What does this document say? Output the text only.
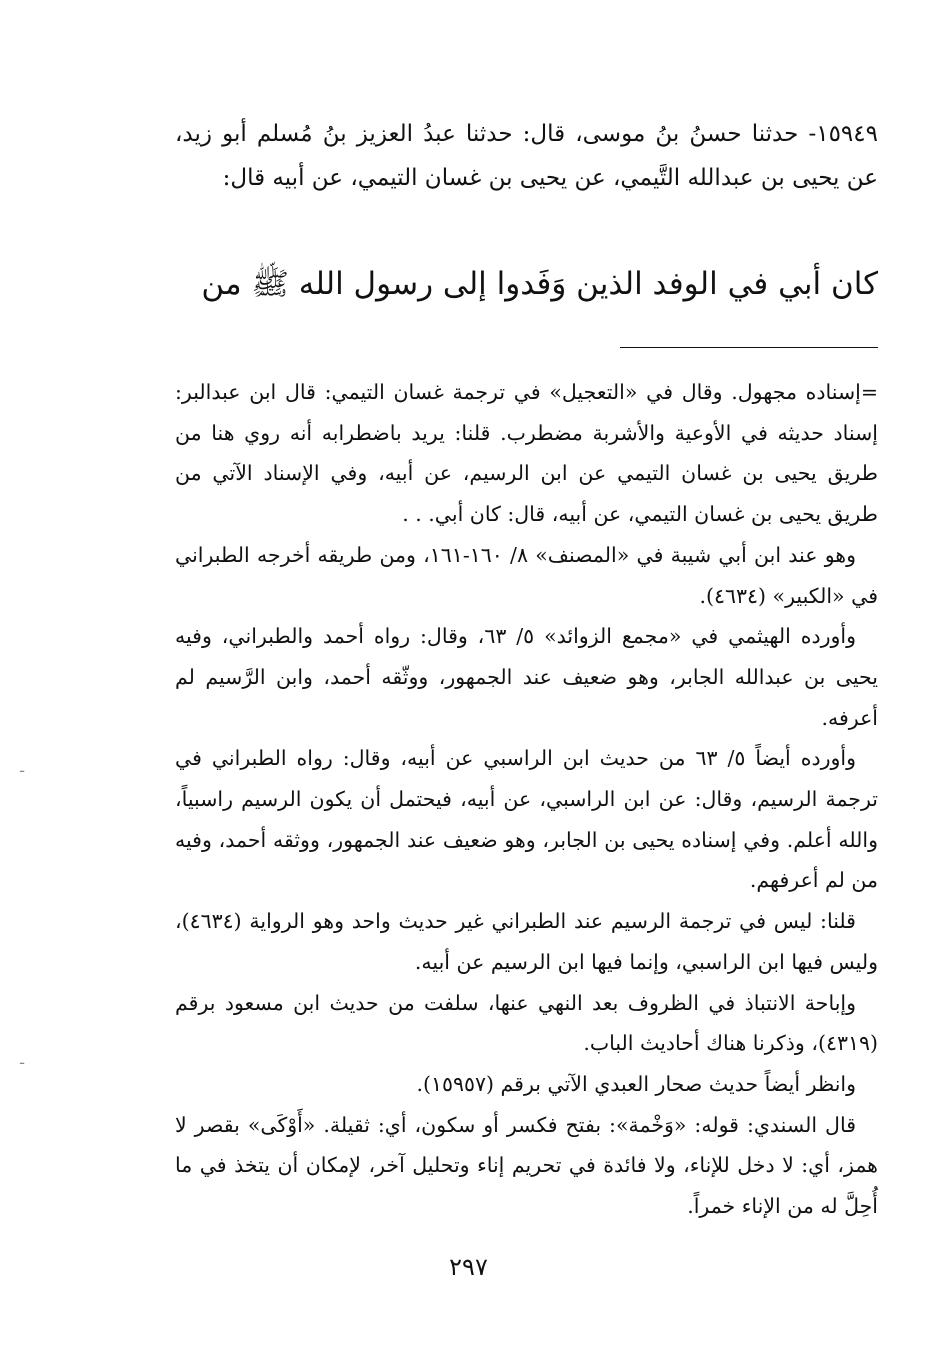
١٥٩٤٩- حدثنا حسنُ بنُ موسى، قال: حدثنا عبدُ العزيز بنُ مُسلم أبو زيد، عن يحيى بن عبدالله التَّيمي، عن يحيى بن غسان التيمي، عن أبيه قال:

كان أبي في الوفد الذين وَفَدوا إلى رسول الله ﷺ من

=إسناده مجهول. وقال في «التعجيل» في ترجمة غسان التيمي: قال ابن عبدالبر: إسناد حديثه في الأوعية والأشربة مضطرب. قلنا: يريد باضطرابه أنه روي هنا من طريق يحيى بن غسان التيمي عن ابن الرسيم، عن أبيه، وفي الإسناد الآتي من طريق يحيى بن غسان التيمي، عن أبيه، قال: كان أبي. . .

وهو عند ابن أبي شيبة في «المصنف» ٨/ ١٦٠-١٦١، ومن طريقه أخرجه الطبراني في «الكبير» (٤٦٣٤).

وأورده الهيثمي في «مجمع الزوائد» ٥/ ٦٣، وقال: رواه أحمد والطبراني، وفيه يحيى بن عبدالله الجابر، وهو ضعيف عند الجمهور، ووثّقه أحمد، وابن الرَّسيم لم أعرفه.

وأورده أيضاً ٥/ ٦٣ من حديث ابن الراسبي عن أبيه، وقال: رواه الطبراني في ترجمة الرسيم، وقال: عن ابن الراسبي، عن أبيه، فيحتمل أن يكون الرسيم راسبياً، والله أعلم. وفي إسناده يحيى بن الجابر، وهو ضعيف عند الجمهور، ووثقه أحمد، وفيه من لم أعرفهم.

قلنا: ليس في ترجمة الرسيم عند الطبراني غير حديث واحد وهو الرواية (٤٦٣٤)، وليس فيها ابن الراسبي، وإنما فيها ابن الرسيم عن أبيه.

وإباحة الانتباذ في الظروف بعد النهي عنها، سلفت من حديث ابن مسعود برقم (٤٣١٩)، وذكرنا هناك أحاديث الباب.

وانظر أيضاً حديث صحار العبدي الآتي برقم (١٥٩٥٧).

قال السندي: قوله: «وَخْمة»: بفتح فكسر أو سكون، أي: ثقيلة. «أَوْكَى» بقصر لا همز، أي: لا دخل للإناء، ولا فائدة في تحريم إناء وتحليل آخر، لإمكان أن يتخذ في ما أُحِلَّ له من الإناء خمراً.

٢٩٧
ـ
ـ
